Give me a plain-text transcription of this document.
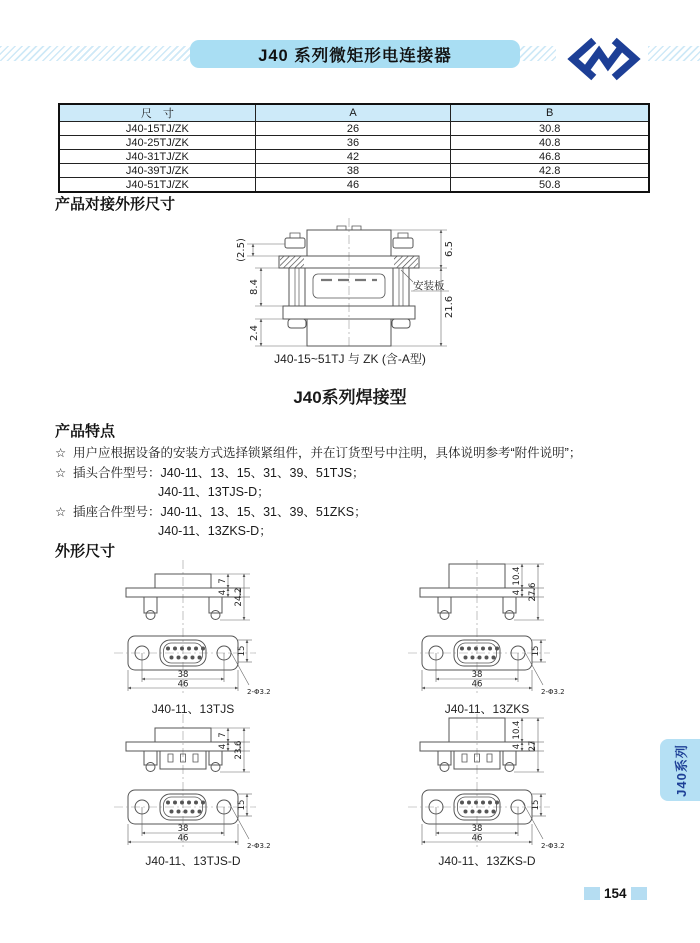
J40 系列微矩形电连接器
尺　寸	A	B
J40-15TJ/ZK	26	30.8
J40-25TJ/ZK	36	40.8
J40-31TJ/ZK	42	46.8
J40-39TJ/ZK	38	42.8
J40-51TJ/ZK	46	50.8
产品对接外形尺寸
(2.5)
8.4
2.4
6.5
21.6
安装板
J40-15~51TJ 与 ZK (含-A型)
J40系列焊接型
产品特点
☆ 用户应根据设备的安装方式选择锁紧组件，并在订货型号中注明，具体说明参考“附件说明”；
☆ 插头合件型号：J40-11、13、15、31、39、51TJS；
J40-11、13TJS-D；
☆ 插座合件型号：J40-11、13、15、31、39、51ZKS；
J40-11、13ZKS-D；
外形尺寸
7
4 24.2
15
38
46
2-Φ3.2
J40-11、13TJS
10.4
4 27.6
15
38
46
2-Φ3.2
J40-11、13ZKS
7
4 23.6
15
38
46
2-Φ3.2
J40-11、13TJS-D
10.4
4 27
15
38
46
2-Φ3.2
J40-11、13ZKS-D
J40系列
154
